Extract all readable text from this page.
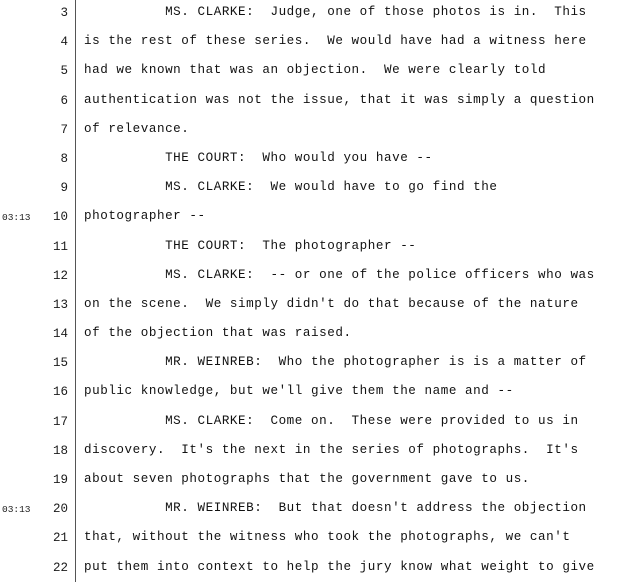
3 MS. CLARKE:  Judge, one of those photos is in.  This
4 is the rest of these series.  We would have had a witness here
5 had we known that was an objection.  We were clearly told
6 authentication was not the issue, that it was simply a question
7 of relevance.
8 THE COURT:  Who would you have --
9 MS. CLARKE:  We would have to go find the
03:13	10 photographer --
11 THE COURT:  The photographer --
12 MS. CLARKE:  -- or one of the police officers who was
13 on the scene.  We simply didn't do that because of the nature
14 of the objection that was raised.
15 MR. WEINREB:  Who the photographer is is a matter of
16 public knowledge, but we'll give them the name and --
17 MS. CLARKE:  Come on.  These were provided to us in
18 discovery.  It's the next in the series of photographs.  It's
19 about seven photographs that the government gave to us.
03:13	20 MR. WEINREB:  But that doesn't address the objection
21 that, without the witness who took the photographs, we can't
22 put them into context to help the jury know what weight to give
